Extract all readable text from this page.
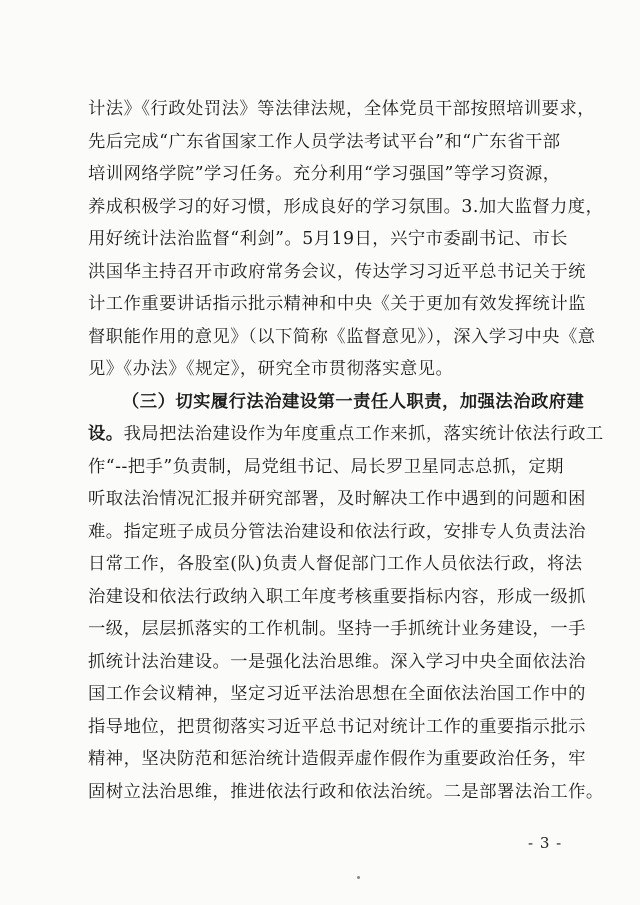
计法》《行政处罚法》等法律法规，全体党员干部按照培训要求，
先后完成“广东省国家工作人员学法考试平台”和“广东省干部
培训网络学院”学习任务。充分利用“学习强国”等学习资源，
养成积极学习的好习惯，形成良好的学习氛围。3.加大监督力度，
用好统计法治监督“利剑”。5月19日，兴宁市委副书记、市长
洪国华主持召开市政府常务会议，传达学习习近平总书记关于统
计工作重要讲话指示批示精神和中央《关于更加有效发挥统计监
督职能作用的意见》（以下简称《监督意见》），深入学习中央《意
见》《办法》《规定》，研究全市贯彻落实意见。
（三）切实履行法治建设第一责任人职责，加强法治政府建
设。我局把法治建设作为年度重点工作来抓，落实统计依法行政工
作“--把手”负责制，局党组书记、局长罗卫星同志总抓，定期
听取法治情况汇报并研究部署，及时解决工作中遇到的问题和困
难。指定班子成员分管法治建设和依法行政，安排专人负责法治
日常工作，各股室(队)负责人督促部门工作人员依法行政，将法
治建设和依法行政纳入职工年度考核重要指标内容，形成一级抓
一级，层层抓落实的工作机制。坚持一手抓统计业务建设，一手
抓统计法治建设。一是强化法治思维。深入学习中央全面依法治
国工作会议精神，坚定习近平法治思想在全面依法治国工作中的
指导地位，把贯彻落实习近平总书记对统计工作的重要指示批示
精神，坚决防范和惩治统计造假弄虚作假作为重要政治任务，牢
固树立法治思维，推进依法行政和依法治统。二是部署法治工作。
- 3 -
